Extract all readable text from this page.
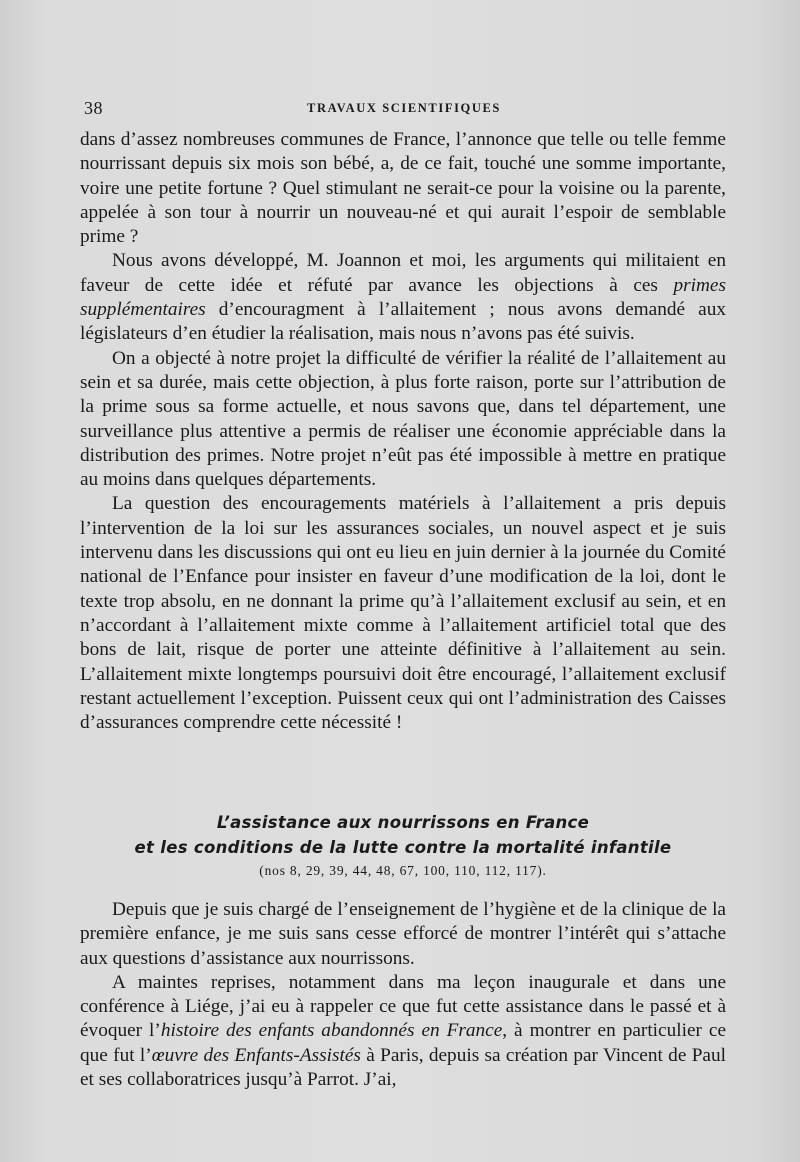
38	TRAVAUX SCIENTIFIQUES

dans d’assez nombreuses communes de France, l’annonce que telle ou telle femme nourrissant depuis six mois son bébé, a, de ce fait, touché une somme importante, voire une petite fortune ? Quel stimulant ne serait-ce pour la voisine ou la parente, appelée à son tour à nourrir un nouveau-né et qui aurait l’espoir de semblable prime ?

Nous avons développé, M. Joannon et moi, les arguments qui militaient en faveur de cette idée et réfuté par avance les objections à ces primes supplémentaires d’encouragment à l’allaitement ; nous avons demandé aux législateurs d’en étudier la réalisation, mais nous n’avons pas été suivis.

On a objecté à notre projet la difficulté de vérifier la réalité de l’allaitement au sein et sa durée, mais cette objection, à plus forte raison, porte sur l’attribution de la prime sous sa forme actuelle, et nous savons que, dans tel département, une surveillance plus attentive a permis de réaliser une économie appréciable dans la distribution des primes. Notre projet n’eût pas été impossible à mettre en pratique au moins dans quelques départements.

La question des encouragements matériels à l’allaitement a pris depuis l’intervention de la loi sur les assurances sociales, un nouvel aspect et je suis intervenu dans les discussions qui ont eu lieu en juin dernier à la journée du Comité national de l’Enfance pour insister en faveur d’une modification de la loi, dont le texte trop absolu, en ne donnant la prime qu’à l’allaitement exclusif au sein, et en n’accordant à l’allaitement mixte comme à l’allaitement artificiel total que des bons de lait, risque de porter une atteinte définitive à l’allaitement au sein. L’allaitement mixte longtemps poursuivi doit être encouragé, l’allaitement exclusif restant actuellement l’exception. Puissent ceux qui ont l’administration des Caisses d’assurances comprendre cette nécessité !

L’assistance aux nourrissons en France

et les conditions de la lutte contre la mortalité infantile

(nos 8, 29, 39, 44, 48, 67, 100, 110, 112, 117).

Depuis que je suis chargé de l’enseignement de l’hygiène et de la clinique de la première enfance, je me suis sans cesse efforcé de montrer l’intérêt qui s’attache aux questions d’assistance aux nourrissons.

A maintes reprises, notamment dans ma leçon inaugurale et dans une conférence à Liége, j’ai eu à rappeler ce que fut cette assistance dans le passé et à évoquer l’histoire des enfants abandonnés en France, à montrer en particulier ce que fut l’œuvre des Enfants-Assistés à Paris, depuis sa création par Vincent de Paul et ses collaboratrices jusqu’à Parrot. J’ai,
